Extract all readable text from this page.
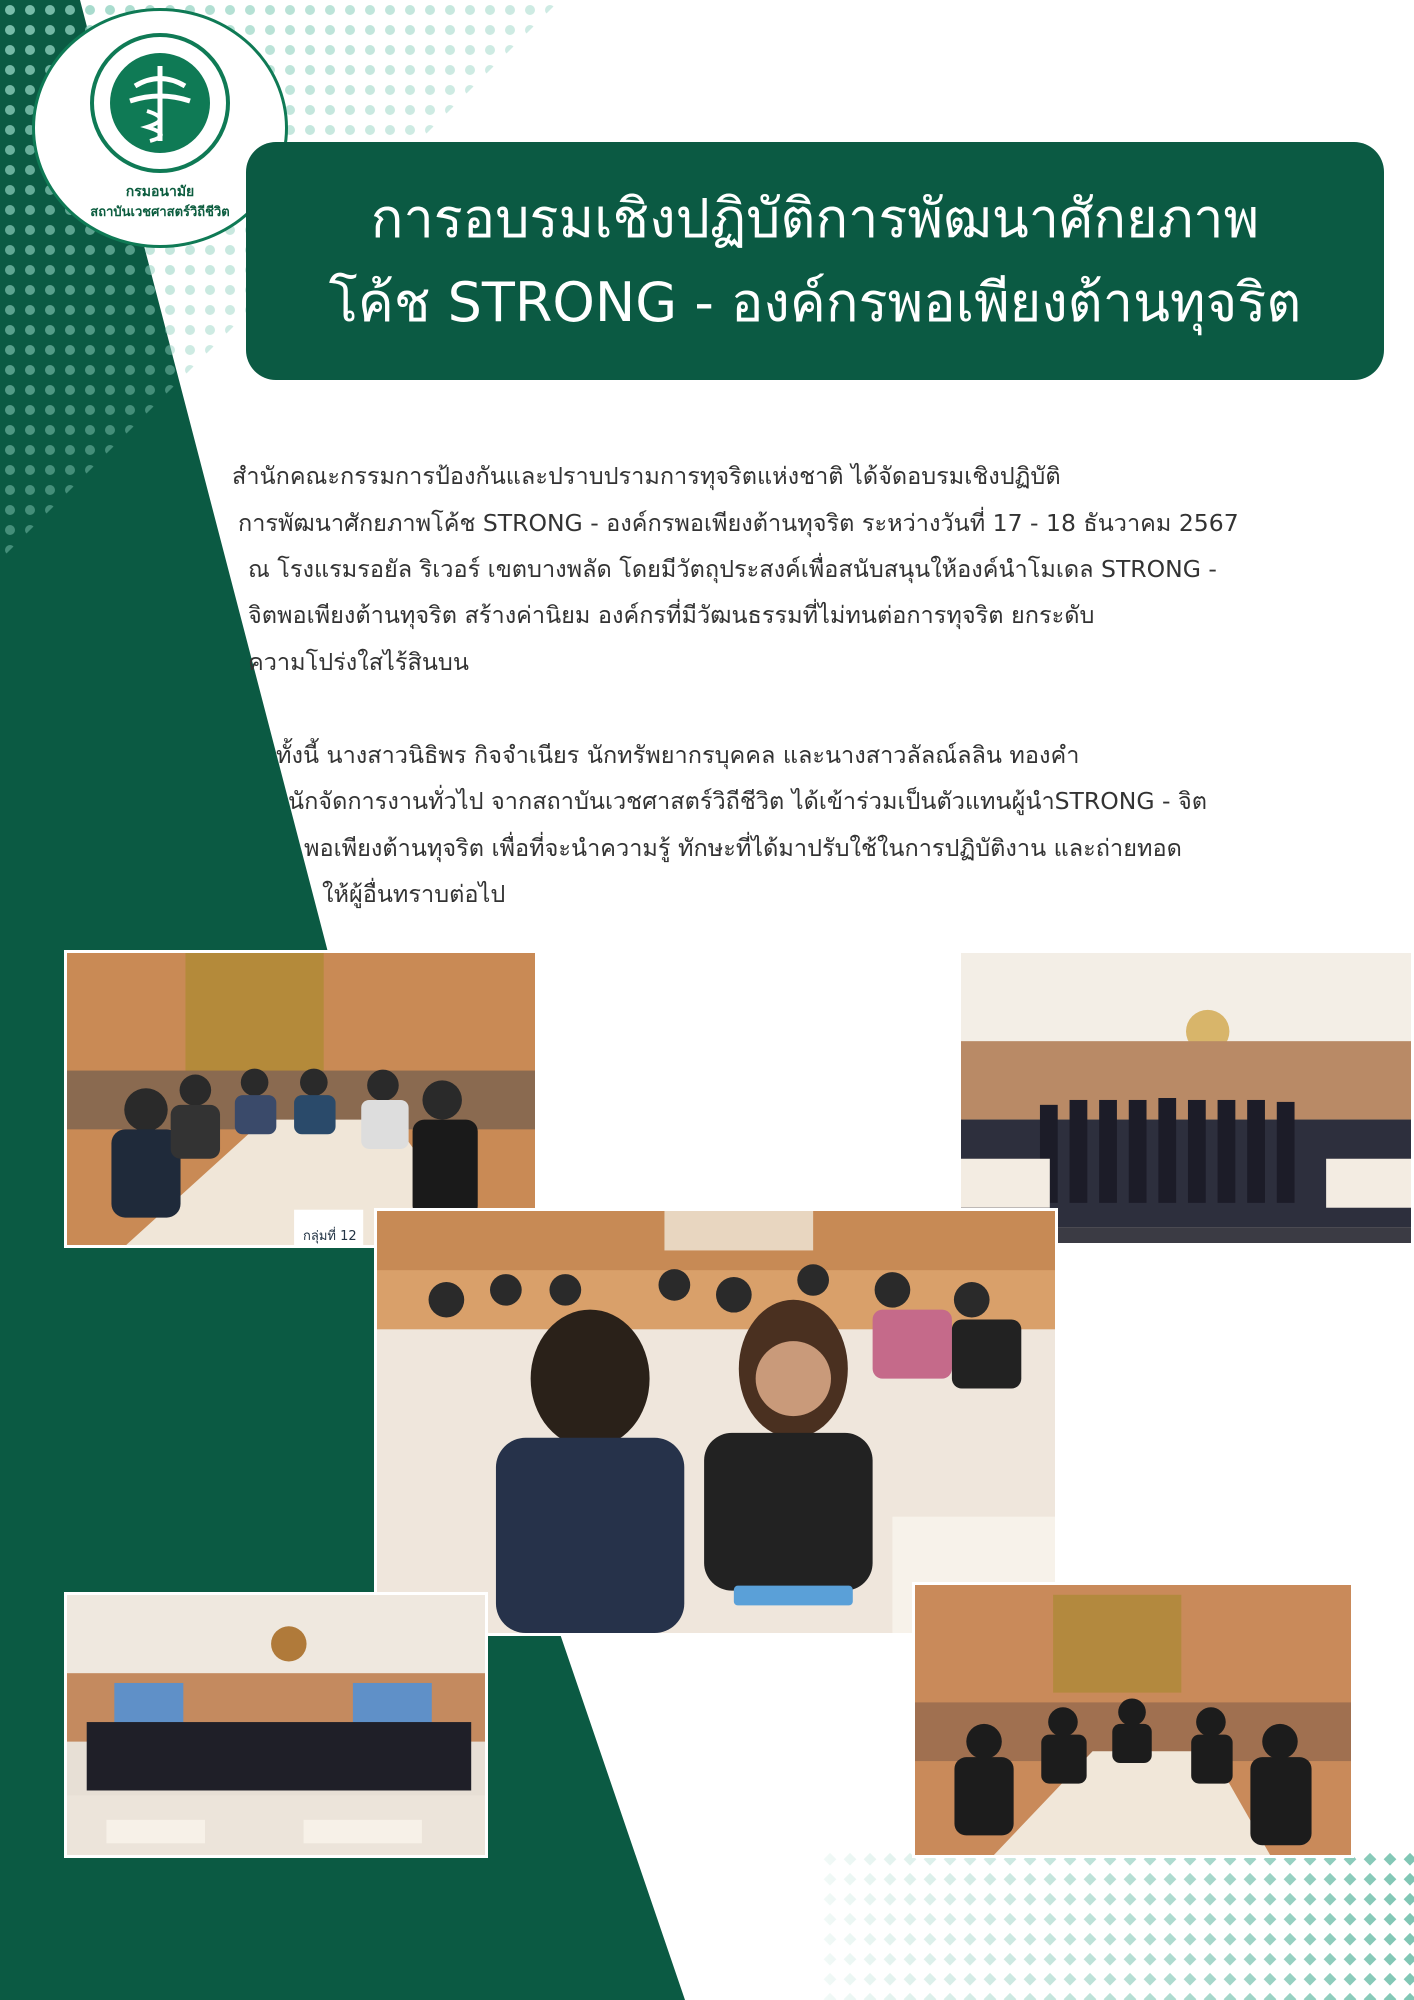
กรมอนามัย
สถาบันเวชศาสตร์วิถีชีวิต	การอบรมเชิงปฏิบัติการพัฒนาศักยภาพ
โค้ช STRONG - องค์กรพอเพียงต้านทุจริต
สำนักคณะกรรมการป้องกันและปราบปรามการทุจริตแห่งชาติ ได้จัดอบรมเชิงปฏิบัติ
การพัฒนาศักยภาพโค้ช STRONG - องค์กรพอเพียงต้านทุจริต ระหว่างวันที่ 17 - 18 ธันวาคม 2567
ณ โรงแรมรอยัล ริเวอร์ เขตบางพลัด โดยมีวัตถุประสงค์เพื่อสนับสนุนให้องค์นำโมเดล STRONG -
จิตพอเพียงต้านทุจริต สร้างค่านิยม องค์กรที่มีวัฒนธรรมที่ไม่ทนต่อการทุจริต ยกระดับ
ความโปร่งใสไร้สินบน
ทั้งนี้ นางสาวนิธิพร กิจจำเนียร นักทรัพยากรบุคคล และนางสาวลัลณ์ลลิน ทองคำ
นักจัดการงานทั่วไป จากสถาบันเวชศาสตร์วิถีชีวิต ได้เข้าร่วมเป็นตัวแทนผู้นำSTRONG - จิต
พอเพียงต้านทุจริต เพื่อที่จะนำความรู้ ทักษะที่ได้มาปรับใช้ในการปฏิบัติงาน และถ่ายทอด
ให้ผู้อื่นทราบต่อไป
กลุ่มที่ 12
